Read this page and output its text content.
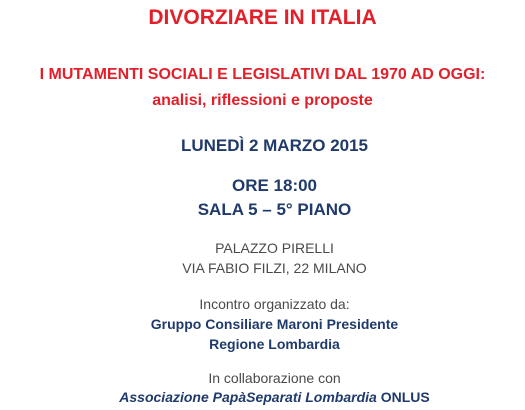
DIVORZIARE IN ITALIA
I MUTAMENTI SOCIALI E LEGISLATIVI DAL 1970 AD OGGI:
analisi, riflessioni e proposte
LUNEDÌ 2 MARZO 2015
ORE 18:00
SALA 5 – 5° PIANO
PALAZZO PIRELLI
VIA FABIO FILZI, 22 MILANO
Incontro organizzato da:
Gruppo Consiliare Maroni Presidente
Regione Lombardia
In collaborazione con
Associazione PapàSeparati Lombardia ONLUS
